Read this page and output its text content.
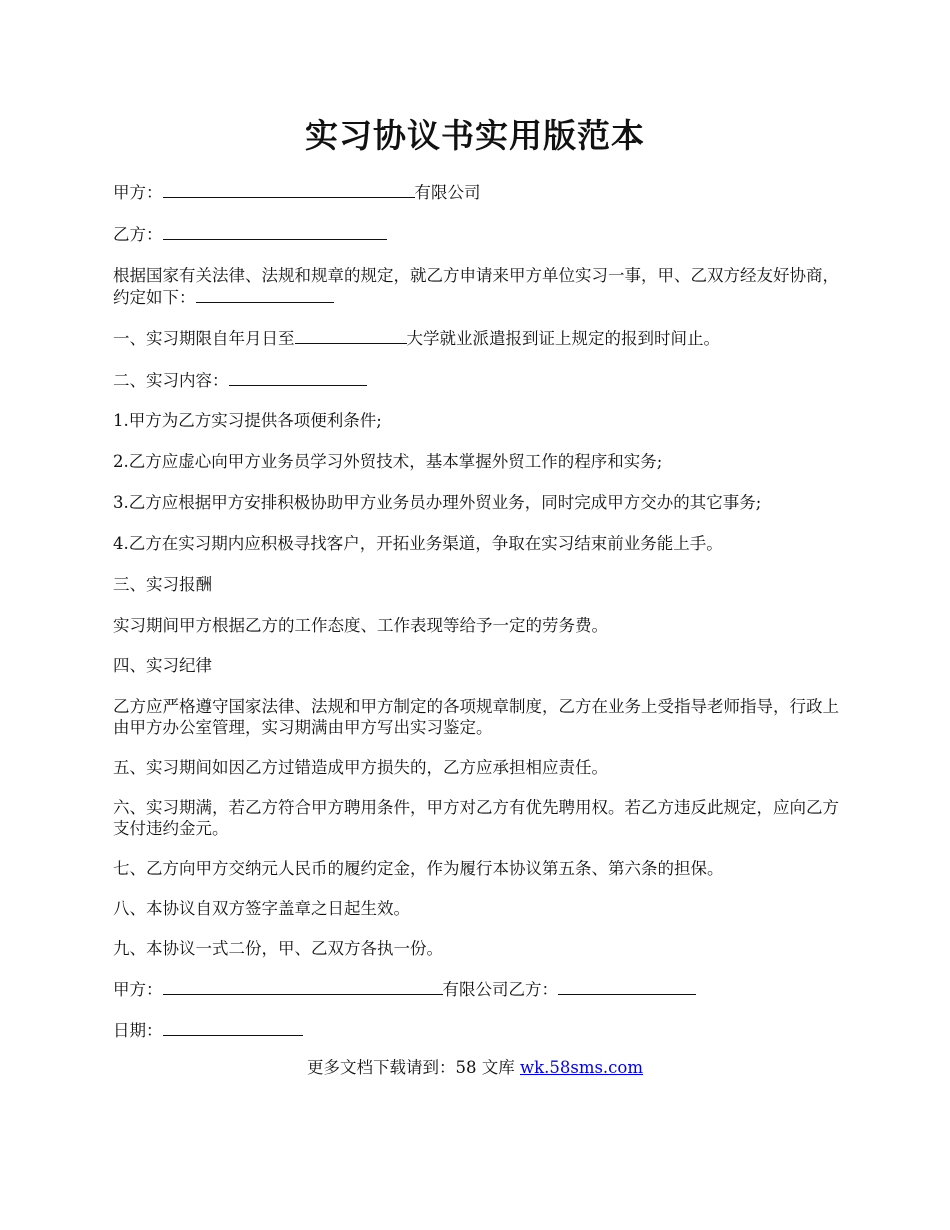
实习协议书实用版范本

甲方：	有限公司

乙方：

根据国家有关法律、法规和规章的规定，就乙方申请来甲方单位实习一事，甲、乙双方经友好协商，约定如下：

一、实习期限自年月日至	大学就业派遣报到证上规定的报到时间止。

二、实习内容：

1.甲方为乙方实习提供各项便利条件;

2.乙方应虚心向甲方业务员学习外贸技术，基本掌握外贸工作的程序和实务;

3.乙方应根据甲方安排积极协助甲方业务员办理外贸业务，同时完成甲方交办的其它事务;

4.乙方在实习期内应积极寻找客户，开拓业务渠道，争取在实习结束前业务能上手。

三、实习报酬

实习期间甲方根据乙方的工作态度、工作表现等给予一定的劳务费。

四、实习纪律

乙方应严格遵守国家法律、法规和甲方制定的各项规章制度，乙方在业务上受指导老师指导，行政上由甲方办公室管理，实习期满由甲方写出实习鉴定。

五、实习期间如因乙方过错造成甲方损失的，乙方应承担相应责任。

六、实习期满，若乙方符合甲方聘用条件，甲方对乙方有优先聘用权。若乙方违反此规定，应向乙方支付违约金元。

七、乙方向甲方交纳元人民币的履约定金，作为履行本协议第五条、第六条的担保。

八、本协议自双方签字盖章之日起生效。

九、本协议一式二份，甲、乙双方各执一份。

甲方：	有限公司乙方：

日期：

更多文档下载请到：58 文库 wk.58sms.com
